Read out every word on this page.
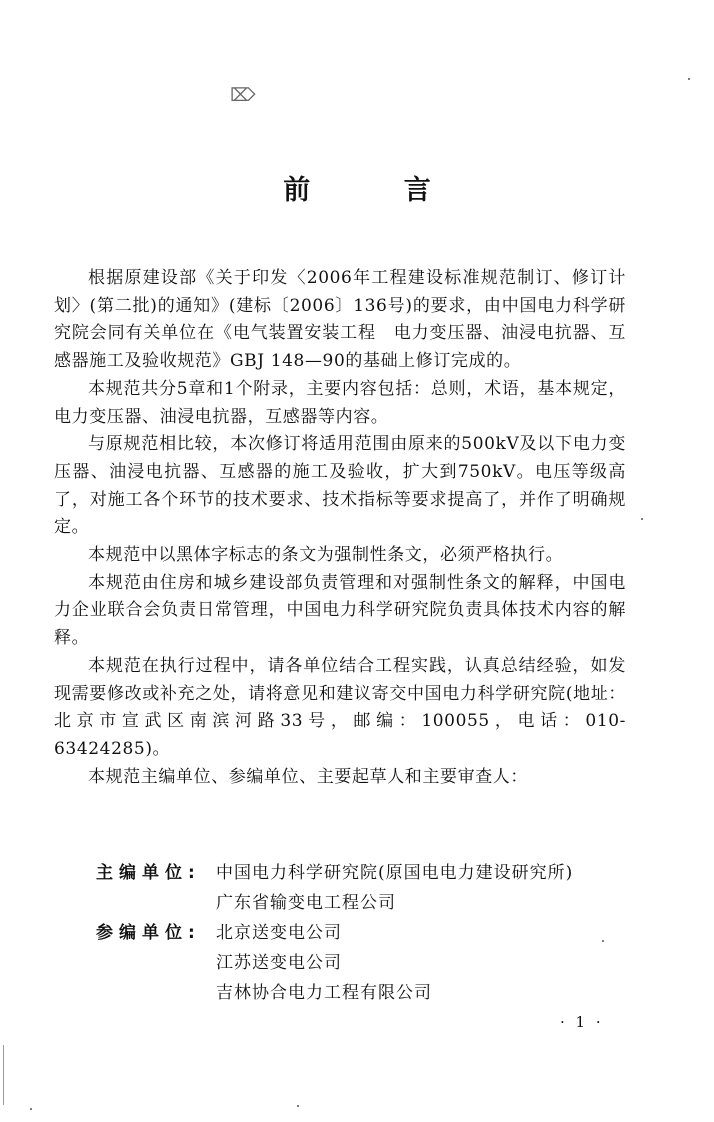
⌦
前 言

根据原建设部《关于印发〈2006年工程建设标准规范制订、修订计划〉(第二批)的通知》(建标〔2006〕136号)的要求，由中国电力科学研究院会同有关单位在《电气装置安装工程　电力变压器、油浸电抗器、互感器施工及验收规范》GBJ 148—90的基础上修订完成的。

本规范共分5章和1个附录，主要内容包括：总则，术语，基本规定，电力变压器、油浸电抗器，互感器等内容。

与原规范相比较，本次修订将适用范围由原来的500kV及以下电力变压器、油浸电抗器、互感器的施工及验收，扩大到750kV。电压等级高了，对施工各个环节的技术要求、技术指标等要求提高了，并作了明确规定。

本规范中以黑体字标志的条文为强制性条文，必须严格执行。

本规范由住房和城乡建设部负责管理和对强制性条文的解释，中国电力企业联合会负责日常管理，中国电力科学研究院负责具体技术内容的解释。

本规范在执行过程中，请各单位结合工程实践，认真总结经验，如发现需要修改或补充之处，请将意见和建议寄交中国电力科学研究院(地址：北京市宣武区南滨河路33号，邮编：100055，电话：010-63424285)。

本规范主编单位、参编单位、主要起草人和主要审查人：

主编单位: 中国电力科学研究院(原国电电力建设研究所)
广东省输变电工程公司
参编单位: 北京送变电公司
江苏送变电公司
吉林协合电力工程有限公司
· 1 ·
